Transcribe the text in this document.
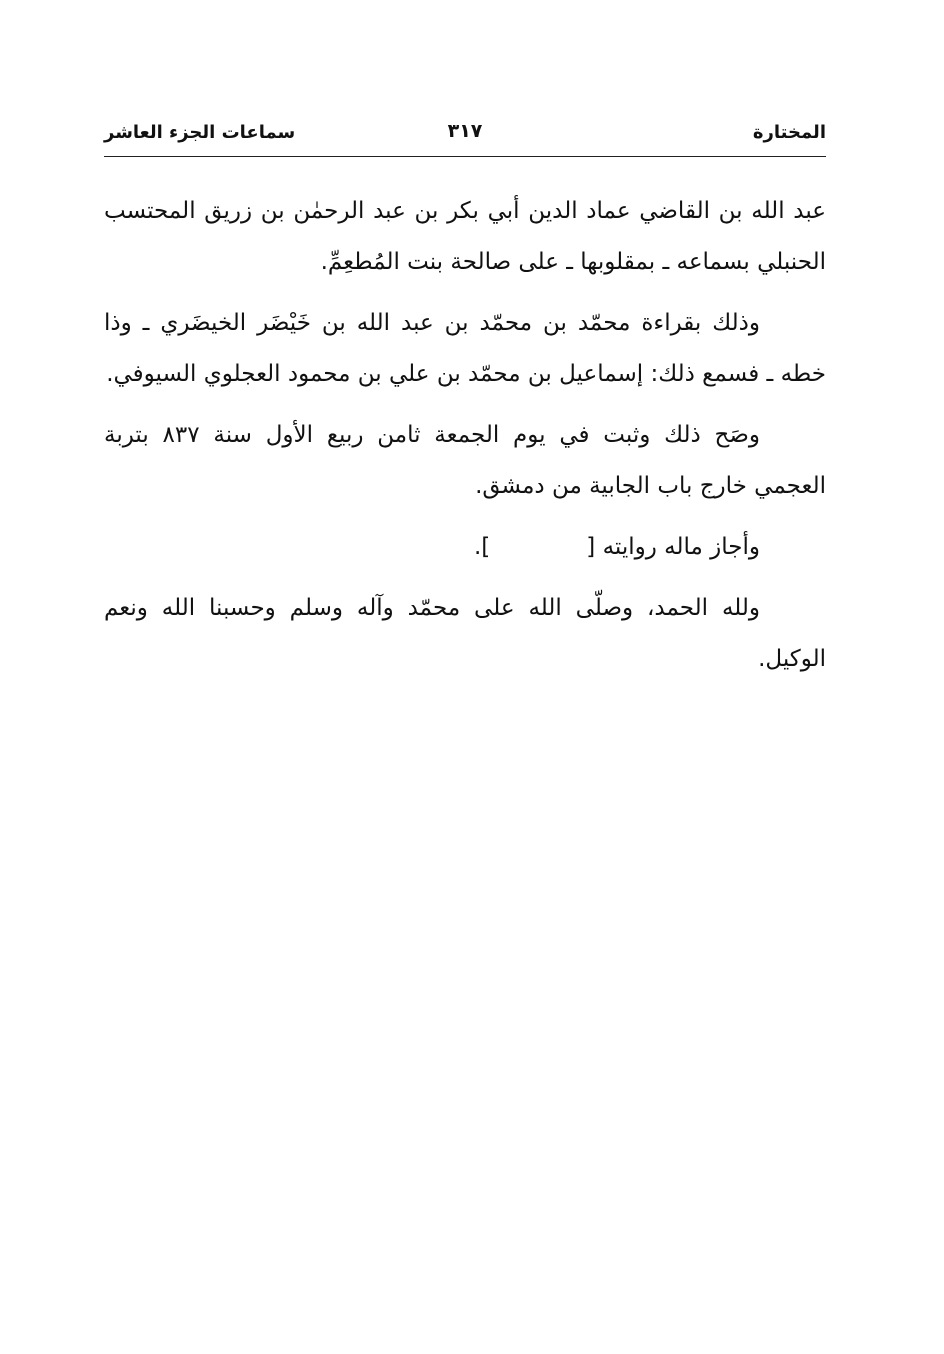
المختارة
٣١٧
سماعات الجزء العاشر

عبد الله بن القاضي عماد الدين أبي بكر بن عبد الرحمٰن بن زريق المحتسب الحنبلي بسماعه ـ بمقلوبها ـ على صالحة بنت المُطعِمِّ.

وذلك بقراءة محمّد بن محمّد بن عبد الله بن خَيْضَر الخيضَري ـ وذا خطه ـ فسمع ذلك: إسماعيل بن محمّد بن علي بن محمود العجلوي السيوفي.

وصَح ذلك وثبت في يوم الجمعة ثامن ربيع الأول سنة ٨٣٧ بتربة العجمي خارج باب الجابية من دمشق.

وأجاز ماله روايته [].

ولله الحمد، وصلّى الله على محمّد وآله وسلم وحسبنا الله ونعم الوكيل.
